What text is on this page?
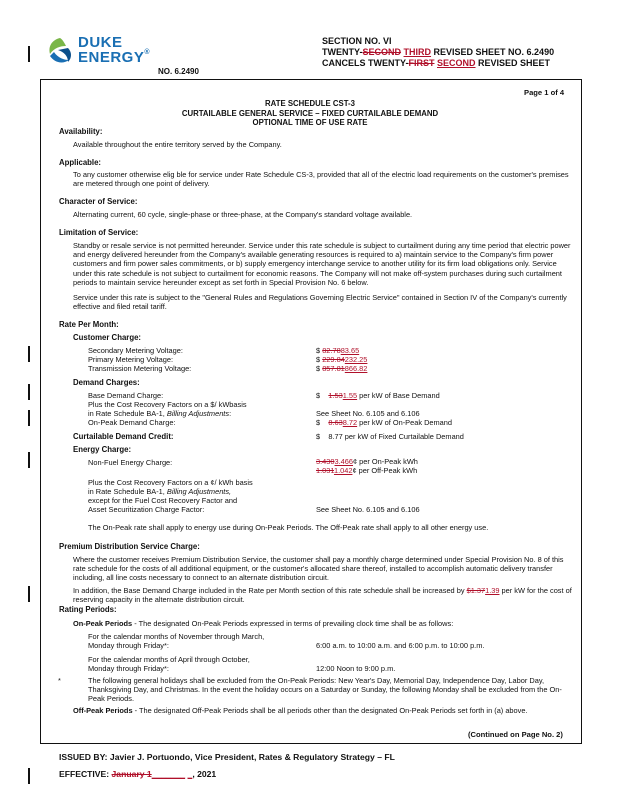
DUKE
ENERGY®
NO. 6.2490
SECTION NO. VI
TWENTY-SECOND THIRD REVISED SHEET NO. 6.2490
CANCELS TWENTY-FIRST SECOND REVISED SHEET
Page 1 of 4
RATE SCHEDULE CST-3
CURTAILABLE GENERAL SERVICE – FIXED CURTAILABLE DEMAND
OPTIONAL TIME OF USE RATE
Availability:
Available throughout the entire territory served by the Company.
Applicable:
To any customer otherwise elig ble for service under Rate Schedule CS-3, provided that all of the electric load requirements on the customer's premises are metered through one point of delivery.
Character of Service:
Alternating current, 60 cycle, single-phase or three-phase, at the Company's standard voltage available.
Limitation of Service:
Standby or resale service is not permitted hereunder. Service under this rate schedule is subject to curtailment during any time period that electric power and energy delivered hereunder from the Company's available generating resources is required to a) maintain service to the Company's firm power customers and firm power sales commitments, or b) supply emergency interchange service to another utility for its firm load obligations only. Service under this rate schedule is not subject to curtailment for economic reasons. The Company will not make off-system purchases during such curtailment periods to maintain service hereunder except as set forth in Special Provision No. 6 below.
Service under this rate is subject to the "General Rules and Regulations Governing Electric Service" contained in Section IV of the Company's currently effective and filed retail tariff.
Rate Per Month:
Customer Charge:
Secondary Metering Voltage:	$ 82.7883.65
Primary Metering Voltage:	$ 229.84232.25
Transmission Metering Voltage:	$ 857.81866.82
Demand Charges:
Base Demand Charge:	$ 1.531.55 per kW of Base Demand
Plus the Cost Recovery Factors on a $/ kWbasis
in Rate Schedule BA-1, Billing Adjustments:	See Sheet No. 6.105 and 6.106
On-Peak Demand Charge:	$ 8.638.72 per kW of On-Peak Demand
Curtailable Demand Credit:	$ 8.77 per kW of Fixed Curtailable Demand
Energy Charge:
Non-Fuel Energy Charge:	3.4303.466¢ per On-Peak kWh
1.0311.042¢ per Off-Peak kWh
Plus the Cost Recovery Factors on a ¢/ kWh basis
in Rate Schedule BA-1, Billing Adjustments,
except for the Fuel Cost Recovery Factor and
Asset Securitization Charge Factor:	See Sheet No. 6.105 and 6.106
The On-Peak rate shall apply to energy use during On-Peak Periods. The Off-Peak rate shall apply to all other energy use.
Premium Distribution Service Charge:
Where the customer receives Premium Distribution Service, the customer shall pay a monthly charge determined under Special Provision No. 8 of this rate schedule for the costs of all additional equipment, or the customer's allocated share thereof, installed to accomplish automatic delivery transfer including, all line costs necessary to connect to an alternate distribution circuit.
In addition, the Base Demand Charge included in the Rate per Month section of this rate schedule shall be increased by $1.371.39 per kW for the cost of reserving capacity in the alternate distribution circuit.
Rating Periods:
On-Peak Periods - The designated On-Peak Periods expressed in terms of prevailing clock time shall be as follows:
For the calendar months of November through March,
Monday through Friday*:	6:00 a.m. to 10:00 a.m. and 6:00 p.m. to 10:00 p.m.
For the calendar months of April through October,
Monday through Friday*:	12:00 Noon to 9:00 p.m.
*	The following general holidays shall be excluded from the On-Peak Periods: New Year's Day, Memorial Day, Independence Day, Labor Day, Thanksgiving Day, and Christmas. In the event the holiday occurs on a Saturday or Sunday, the following Monday shall be excluded from the On-Peak Periods.
Off-Peak Periods - The designated Off-Peak Periods shall be all periods other than the designated On-Peak Periods set forth in (a) above.
(Continued on Page No. 2)
ISSUED BY: Javier J. Portuondo, Vice President, Rates & Regulatory Strategy – FL
EFFECTIVE: January 1_______ _, 2021
